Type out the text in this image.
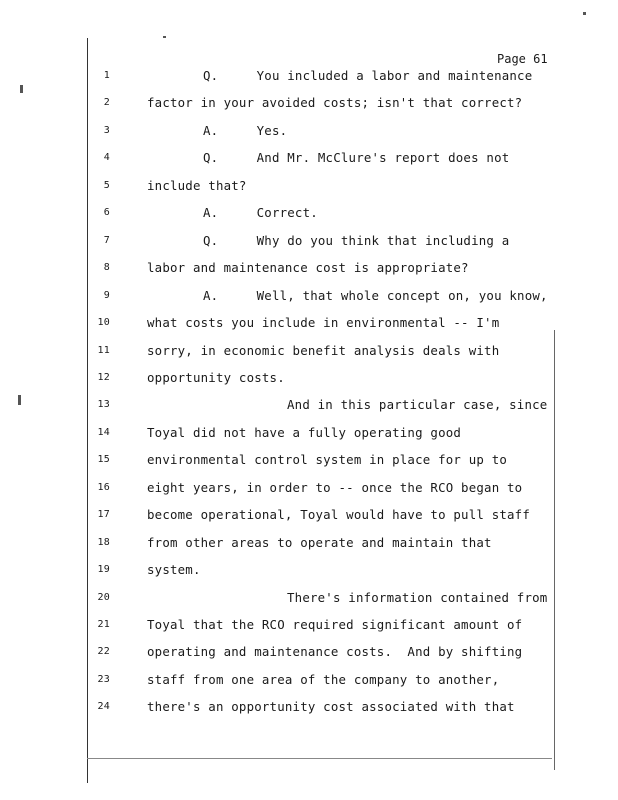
Page 61
1	Q.     You included a labor and maintenance
2	factor in your avoided costs; isn't that correct?
3	A.     Yes.
4	Q.     And Mr. McClure's report does not
5	include that?
6	A.     Correct.
7	Q.     Why do you think that including a
8	labor and maintenance cost is appropriate?
9	A.     Well, that whole concept on, you know,
10	what costs you include in environmental -- I'm
11	sorry, in economic benefit analysis deals with
12	opportunity costs.
13	And in this particular case, since
14	Toyal did not have a fully operating good
15	environmental control system in place for up to
16	eight years, in order to -- once the RCO began to
17	become operational, Toyal would have to pull staff
18	from other areas to operate and maintain that
19	system.
20	There's information contained from
21	Toyal that the RCO required significant amount of
22	operating and maintenance costs.  And by shifting
23	staff from one area of the company to another,
24	there's an opportunity cost associated with that
